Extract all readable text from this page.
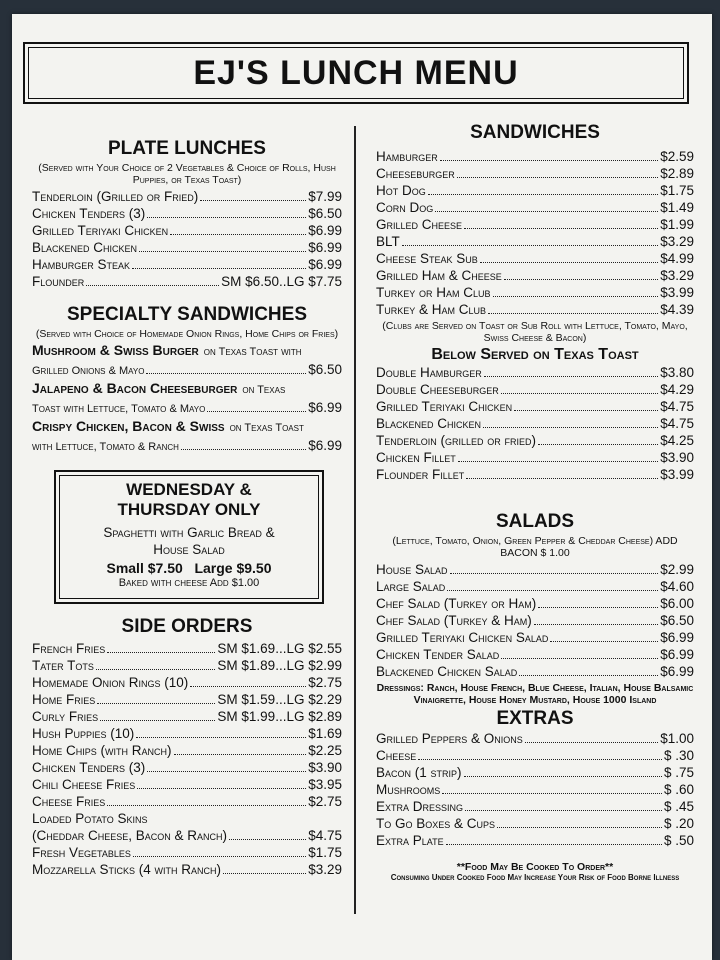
EJ'S LUNCH MENU
PLATE LUNCHES
(Served with Your Choice of 2 Vegetables & Choice of Rolls, Hush Puppies, or Texas Toast)
Tenderloin (Grilled or Fried)	$7.99
Chicken Tenders (3)	$6.50
Grilled Teriyaki Chicken	$6.99
Blackened Chicken	$6.99
Hamburger Steak	$6.99
Flounder	SM $6.50..LG $7.75
SPECIALTY SANDWICHES
(Served with Choice of Homemade Onion Rings, Home Chips or Fries)
Mushroom & Swiss Burger on Texas Toast with
Grilled Onions & Mayo	$6.50
Jalapeno & Bacon Cheeseburger on Texas
Toast with Lettuce, Tomato & Mayo	$6.99
Crispy Chicken, Bacon & Swiss on Texas Toast
with Lettuce, Tomato & Ranch	$6.99
WEDNESDAY &
THURSDAY ONLY
Spaghetti with Garlic Bread &
House Salad
Small $7.50 Large $9.50
Baked with cheese Add $1.00
SIDE ORDERS
French Fries	SM $1.69...LG $2.55
Tater Tots	SM $1.89...LG $2.99
Homemade Onion Rings (10)	$2.75
Home Fries	SM $1.59...LG $2.29
Curly Fries	SM $1.99...LG $2.89
Hush Puppies (10)	$1.69
Home Chips (with Ranch)	$2.25
Chicken Tenders (3)	$3.90
Chili Cheese Fries	$3.95
Cheese Fries	$2.75
Loaded Potato Skins
(Cheddar Cheese, Bacon & Ranch)	$4.75
Fresh Vegetables	$1.75
Mozzarella Sticks (4 with Ranch)	$3.29
SANDWICHES
Hamburger	$2.59
Cheeseburger	$2.89
Hot Dog	$1.75
Corn Dog	$1.49
Grilled Cheese	$1.99
BLT	$3.29
Cheese Steak Sub	$4.99
Grilled Ham & Cheese	$3.29
Turkey or Ham Club	$3.99
Turkey & Ham Club	$4.39
(Clubs are Served on Toast or Sub Roll with Lettuce, Tomato, Mayo, Swiss Cheese & Bacon)
Below Served on Texas Toast
Double Hamburger	$3.80
Double Cheeseburger	$4.29
Grilled Teriyaki Chicken	$4.75
Blackened Chicken	$4.75
Tenderloin (grilled or fried)	$4.25
Chicken Fillet	$3.90
Flounder Fillet	$3.99
SALADS
(Lettuce, Tomato, Onion, Green Pepper & Cheddar Cheese) ADD BACON $ 1.00
House Salad	$2.99
Large Salad	$4.60
Chef Salad (Turkey or Ham)	$6.00
Chef Salad (Turkey & Ham)	$6.50
Grilled Teriyaki Chicken Salad	$6.99
Chicken Tender Salad	$6.99
Blackened Chicken Salad	$6.99
Dressings: Ranch, House French, Blue Cheese, Italian, House Balsamic Vinaigrette, House Honey Mustard, House 1000 Island
EXTRAS
Grilled Peppers & Onions	$1.00
Cheese	$ .30
Bacon (1 strip)	$ .75
Mushrooms	$ .60
Extra Dressing	$ .45
To Go Boxes & Cups	$ .20
Extra Plate	$ .50
**Food May Be Cooked To Order**
Consuming Under Cooked Food May Increase Your Risk of Food Borne Illness
